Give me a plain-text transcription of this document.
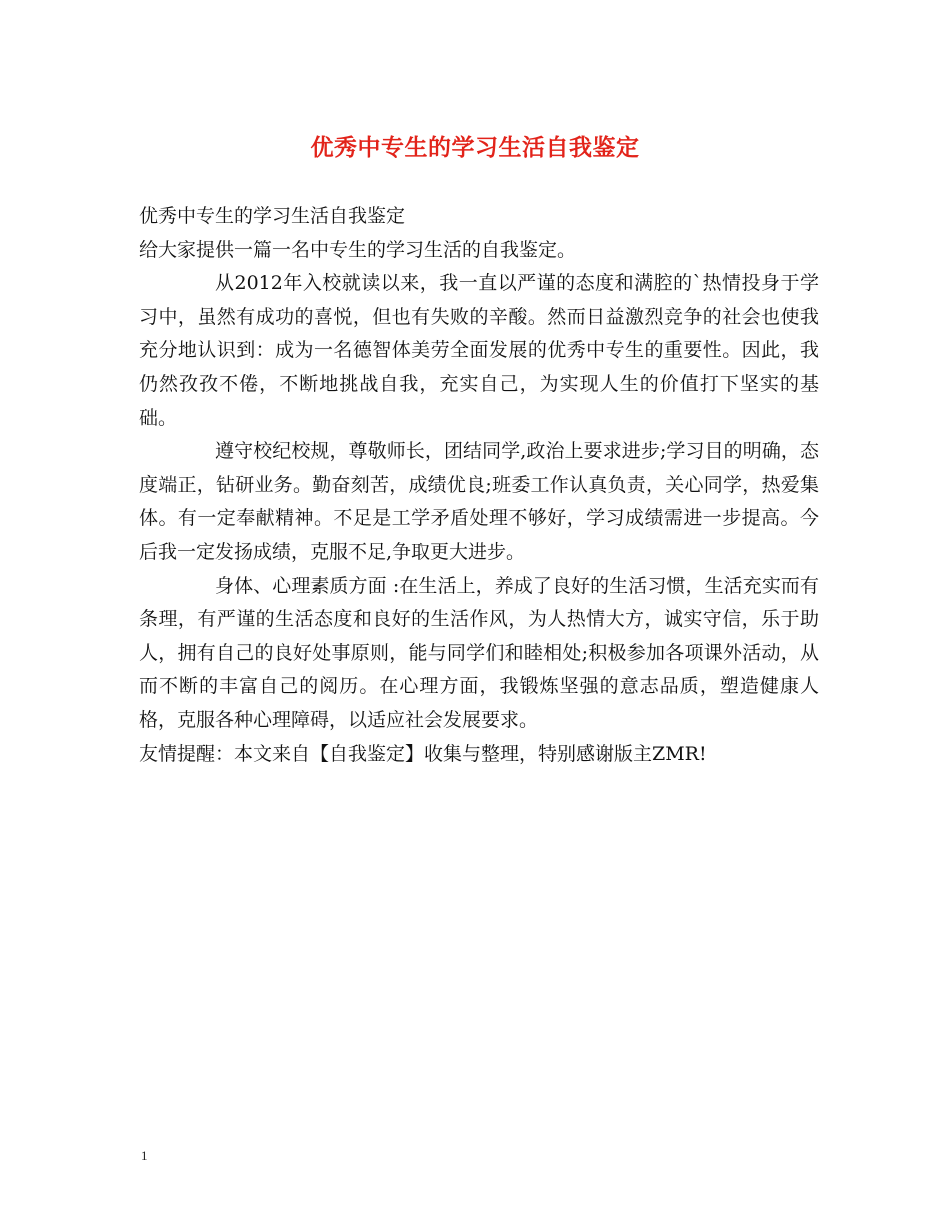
优秀中专生的学习生活自我鉴定

优秀中专生的学习生活自我鉴定

给大家提供一篇一名中专生的学习生活的自我鉴定。

从2012年入校就读以来，我一直以严谨的态度和满腔的`热情投身于学习中，虽然有成功的喜悦，但也有失败的辛酸。然而日益激烈竞争的社会也使我充分地认识到：成为一名德智体美劳全面发展的优秀中专生的重要性。因此，我仍然孜孜不倦，不断地挑战自我，充实自己，为实现人生的价值打下坚实的基础。

遵守校纪校规，尊敬师长，团结同学,政治上要求进步;学习目的明确，态度端正，钻研业务。勤奋刻苦，成绩优良;班委工作认真负责，关心同学，热爱集体。有一定奉献精神。不足是工学矛盾处理不够好，学习成绩需进一步提高。今后我一定发扬成绩，克服不足,争取更大进步。

身体、心理素质方面 :在生活上，养成了良好的生活习惯，生活充实而有条理，有严谨的生活态度和良好的生活作风，为人热情大方，诚实守信，乐于助人，拥有自己的良好处事原则，能与同学们和睦相处;积极参加各项课外活动，从而不断的丰富自己的阅历。在心理方面，我锻炼坚强的意志品质，塑造健康人格，克服各种心理障碍，以适应社会发展要求。

友情提醒：本文来自【自我鉴定】收集与整理，特别感谢版主ZMR!

1
